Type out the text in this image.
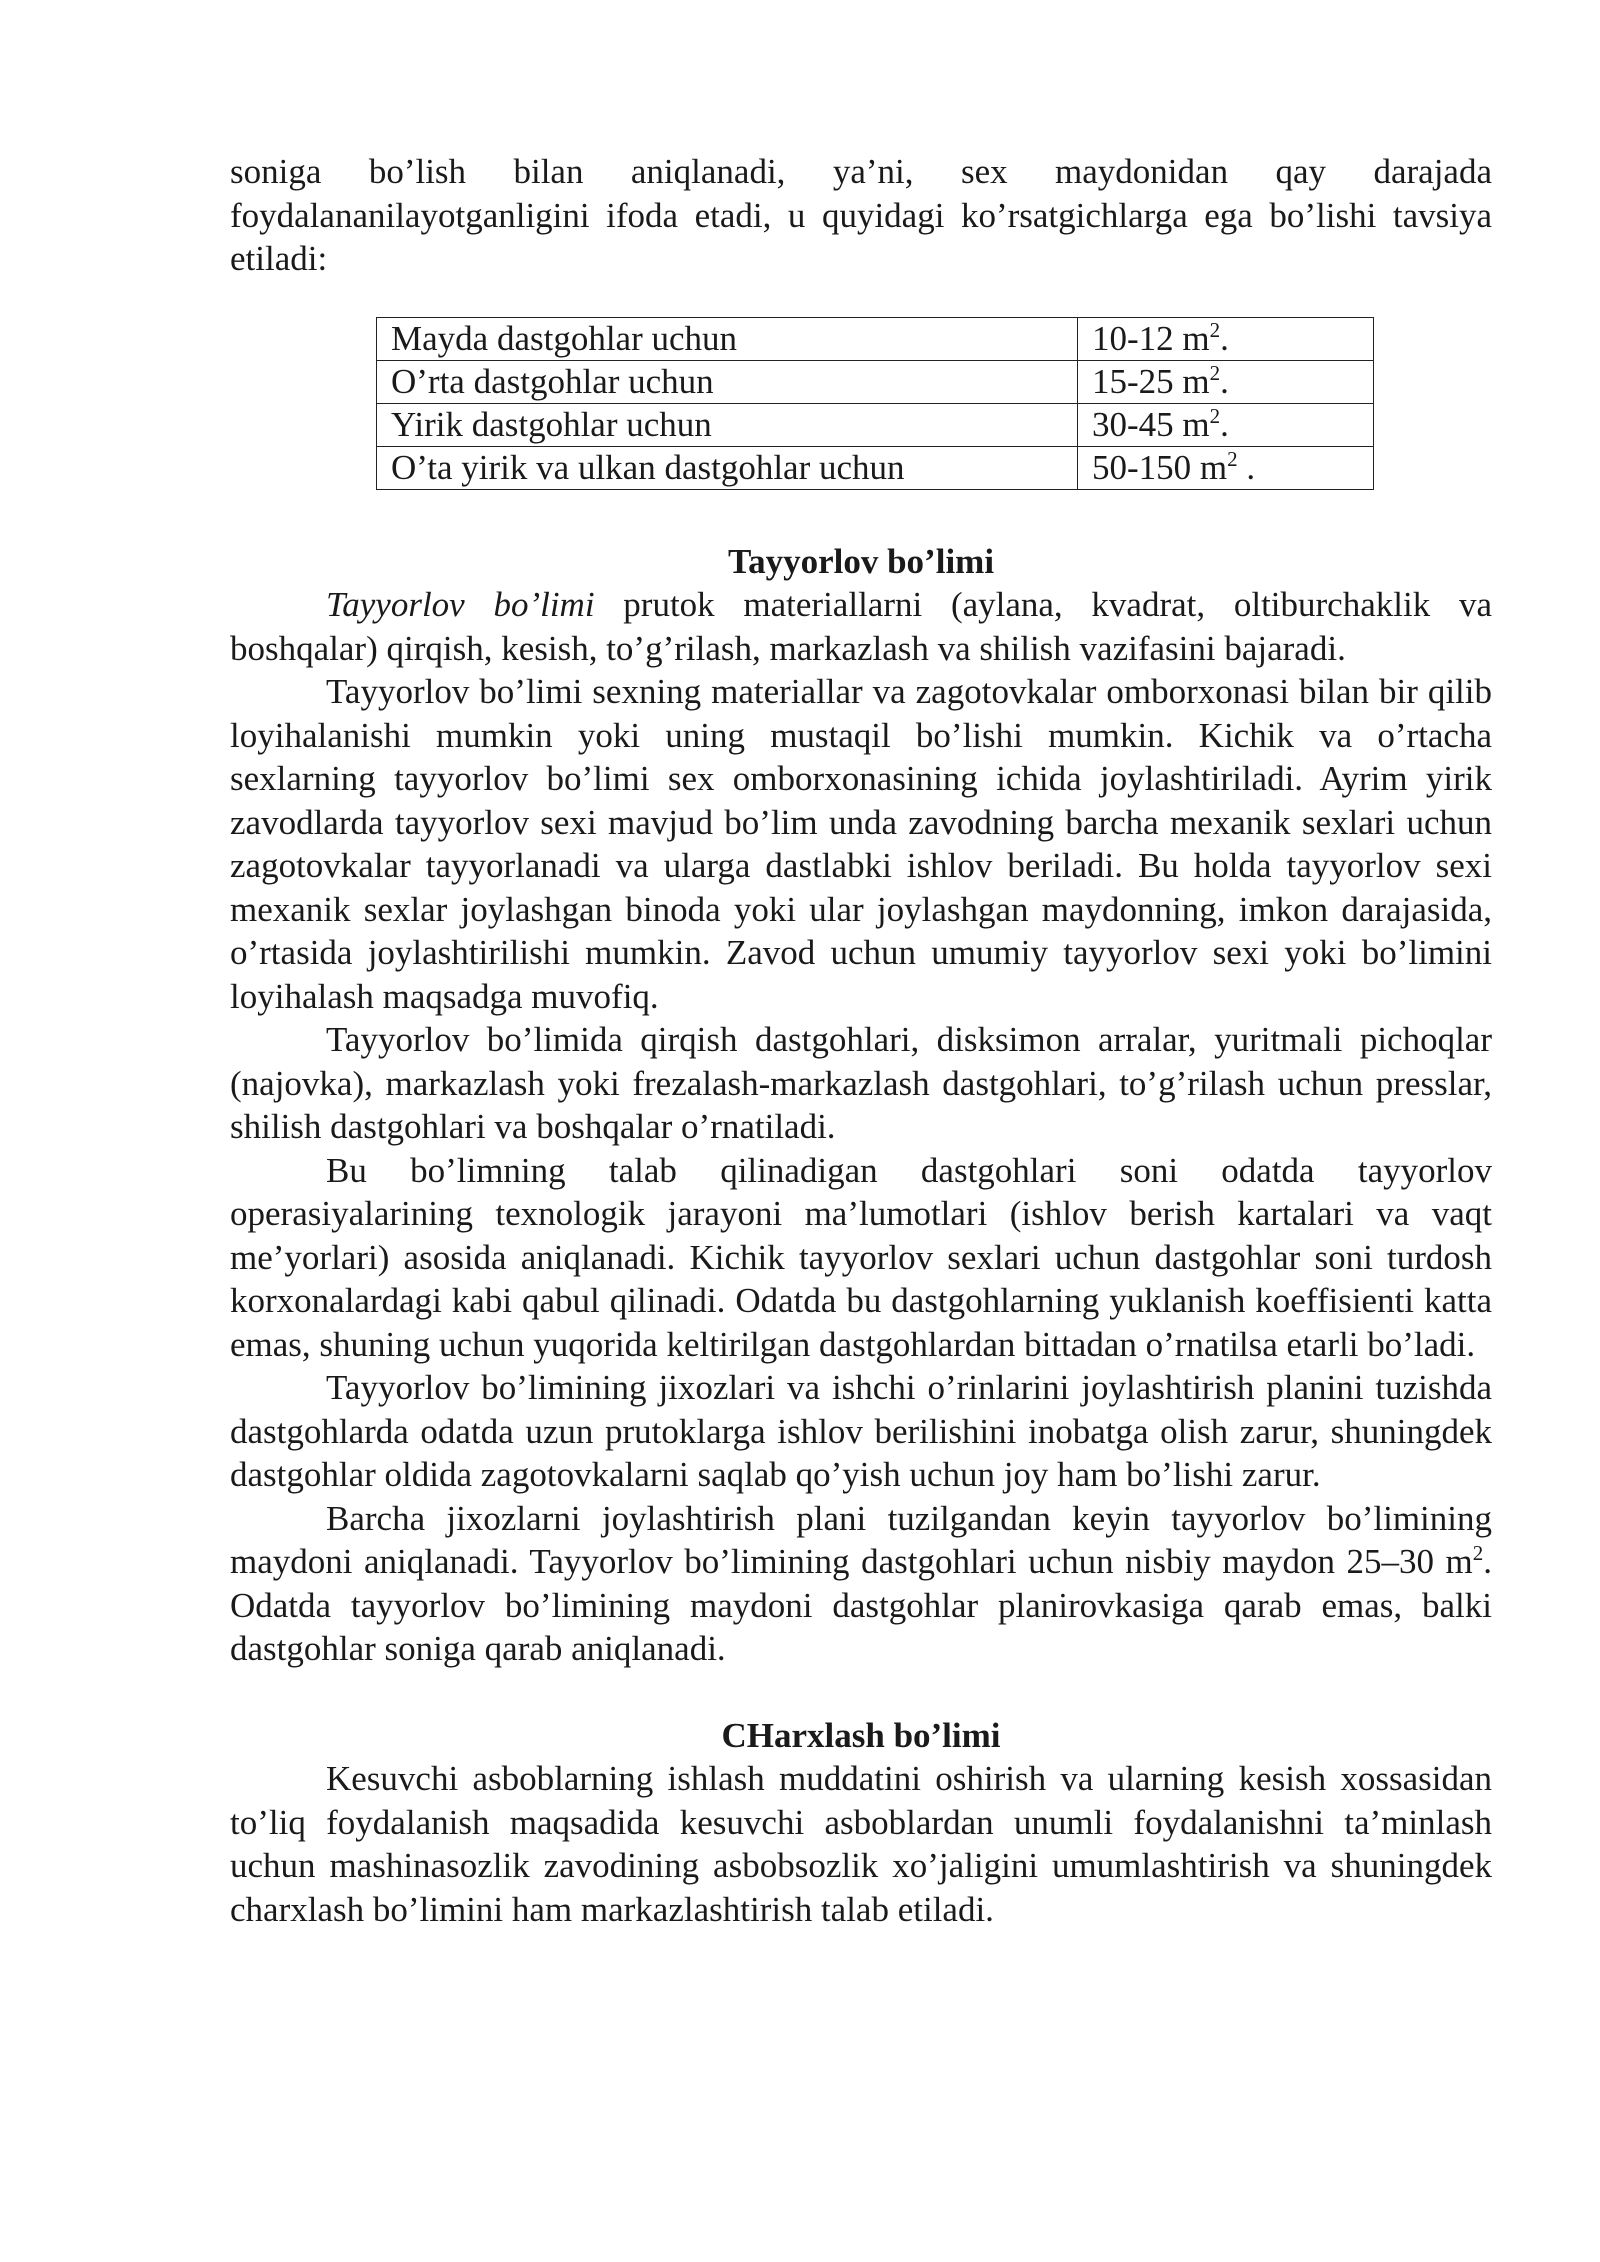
soniga bo’lish bilan aniqlanadi, ya’ni, sex maydonidan qay darajada foydalananilayotganligini ifoda etadi, u quyidagi ko’rsatgichlarga ega bo’lishi tavsiya etiladi:

Mayda dastgohlar uchun	10-12 $m^2$.
O’rta dastgohlar uchun	15-25 $m^2$.
Yirik dastgohlar uchun	30-45 $m^2$.
O’ta yirik va ulkan dastgohlar uchun	50-150 $m^2$ .
Tayyorlov bo’limi

Tayyorlov bo’limi prutok materiallarni (aylana, kvadrat, oltiburchaklik va boshqalar) qirqish, kesish, to’g’rilash, markazlash va shilish vazifasini bajaradi.

Tayyorlov bo’limi sexning materiallar va zagotovkalar omborxonasi bilan bir qilib loyihalanishi mumkin yoki uning mustaqil bo’lishi mumkin. Kichik va o’rtacha sexlarning tayyorlov bo’limi sex omborxonasining ichida joylashtiriladi. Ayrim yirik zavodlarda tayyorlov sexi mavjud bo’lim unda zavodning barcha mexanik sexlari uchun zagotovkalar tayyorlanadi va ularga dastlabki ishlov beriladi. Bu holda tayyorlov sexi mexanik sexlar joylashgan binoda yoki ular joylashgan maydonning, imkon darajasida, o’rtasida joylashtirilishi mumkin. Zavod uchun umumiy tayyorlov sexi yoki bo’limini loyihalash maqsadga muvofiq.

Tayyorlov bo’limida qirqish dastgohlari, disksimon arralar, yuritmali pichoqlar (najovka), markazlash yoki frezalash-markazlash dastgohlari, to’g’rilash uchun presslar, shilish dastgohlari va boshqalar o’rnatiladi.

Bu bo’limning talab qilinadigan dastgohlari soni odatda tayyorlov operasiyalarining texnologik jarayoni ma’lumotlari (ishlov berish kartalari va vaqt me’yorlari) asosida aniqlanadi. Kichik tayyorlov sexlari uchun dastgohlar soni turdosh korxonalardagi kabi qabul qilinadi. Odatda bu dastgohlarning yuklanish koeffisienti katta emas, shuning uchun yuqorida keltirilgan dastgohlardan bittadan o’rnatilsa etarli bo’ladi.

Tayyorlov bo’limining jixozlari va ishchi o’rinlarini joylashtirish planini tuzishda dastgohlarda odatda uzun prutoklarga ishlov berilishini inobatga olish zarur, shuningdek dastgohlar oldida zagotovkalarni saqlab qo’yish uchun joy ham bo’lishi zarur.

Barcha jixozlarni joylashtirish plani tuzilgandan keyin tayyorlov bo’limining maydoni aniqlanadi. Tayyorlov bo’limining dastgohlari uchun nisbiy maydon 25–30 $m^2$. Odatda tayyorlov bo’limining maydoni dastgohlar planirovkasiga qarab emas, balki dastgohlar soniga qarab aniqlanadi.

CHarxlash bo’limi

Kesuvchi asboblarning ishlash muddatini oshirish va ularning kesish xossasidan to’liq foydalanish maqsadida kesuvchi asboblardan unumli foydalanishni ta’minlash uchun mashinasozlik zavodining asbobsozlik xo’jaligini umumlashtirish va shuningdek charxlash bo’limini ham markazlashtirish talab etiladi.
